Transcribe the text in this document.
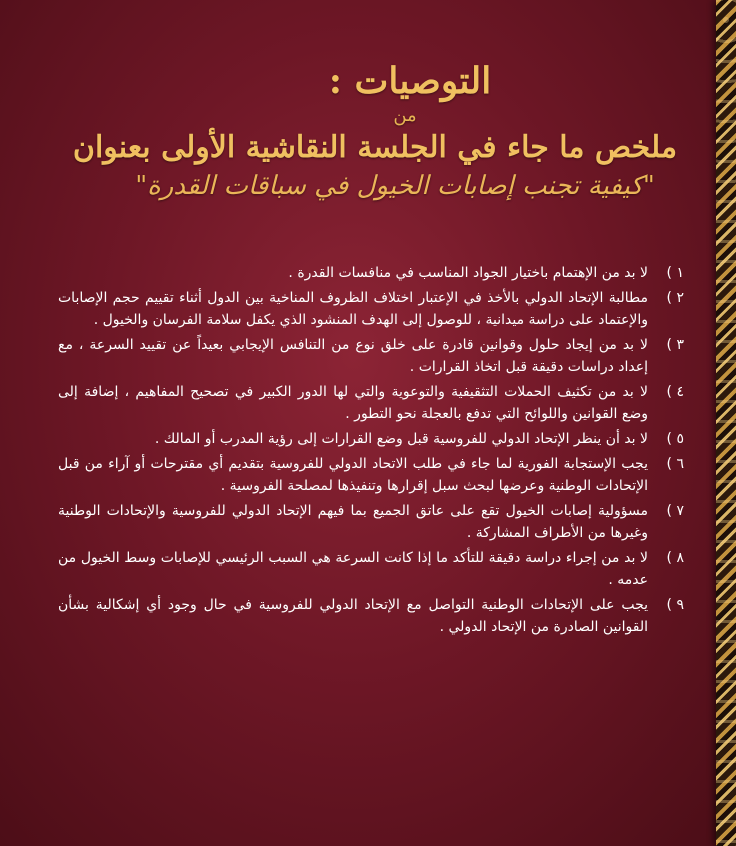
التوصيات :

من

ملخص ما جاء في الجلسة النقاشية الأولى بعنوان

"كيفية تجنب إصابات الخيول في سباقات القدرة"

١ )
لا بد من الإهتمام باختيار الجواد المناسب في منافسات القدرة .
٢ )
مطالبة الإتحاد الدولي بالأخذ في الإعتبار اختلاف الظروف المناخية بين الدول أثناء تقييم حجم الإصابات والإعتماد على دراسة ميدانية ، للوصول إلى الهدف المنشود الذي يكفل سلامة الفرسان والخيول .
٣ )
لا بد من إيجاد حلول وقوانين قادرة على خلق نوع من التنافس الإيجابي بعيداً عن تقييد السرعة ، مع إعداد دراسات دقيقة قبل اتخاذ القرارات .
٤ )
لا بد من تكثيف الحملات التثقيفية والتوعوية والتي لها الدور الكبير في تصحيح المفاهيم ، إضافة إلى وضع القوانين واللوائح التي تدفع بالعجلة نحو التطور .
٥ )
لا بد أن ينظر الإتحاد الدولي للفروسية قبل وضع القرارات إلى رؤية المدرب أو المالك .
٦ )
يجب الإستجابة الفورية لما جاء في طلب الاتحاد الدولي للفروسية بتقديم أي مقترحات أو آراء من قبل الإتحادات الوطنية وعرضها لبحث سبل إقرارها وتنفيذها لمصلحة الفروسية .
٧ )
مسؤولية إصابات الخيول تقع على عاتق الجميع بما فيهم الإتحاد الدولي للفروسية والإتحادات الوطنية وغيرها من الأطراف المشاركة .
٨ )
لا بد من إجراء دراسة دقيقة للتأكد ما إذا كانت السرعة هي السبب الرئيسي للإصابات وسط الخيول من عدمه .
٩ )
يجب على الإتحادات الوطنية التواصل مع الإتحاد الدولي للفروسية في حال وجود أي إشكالية بشأن القوانين الصادرة من الإتحاد الدولي .
